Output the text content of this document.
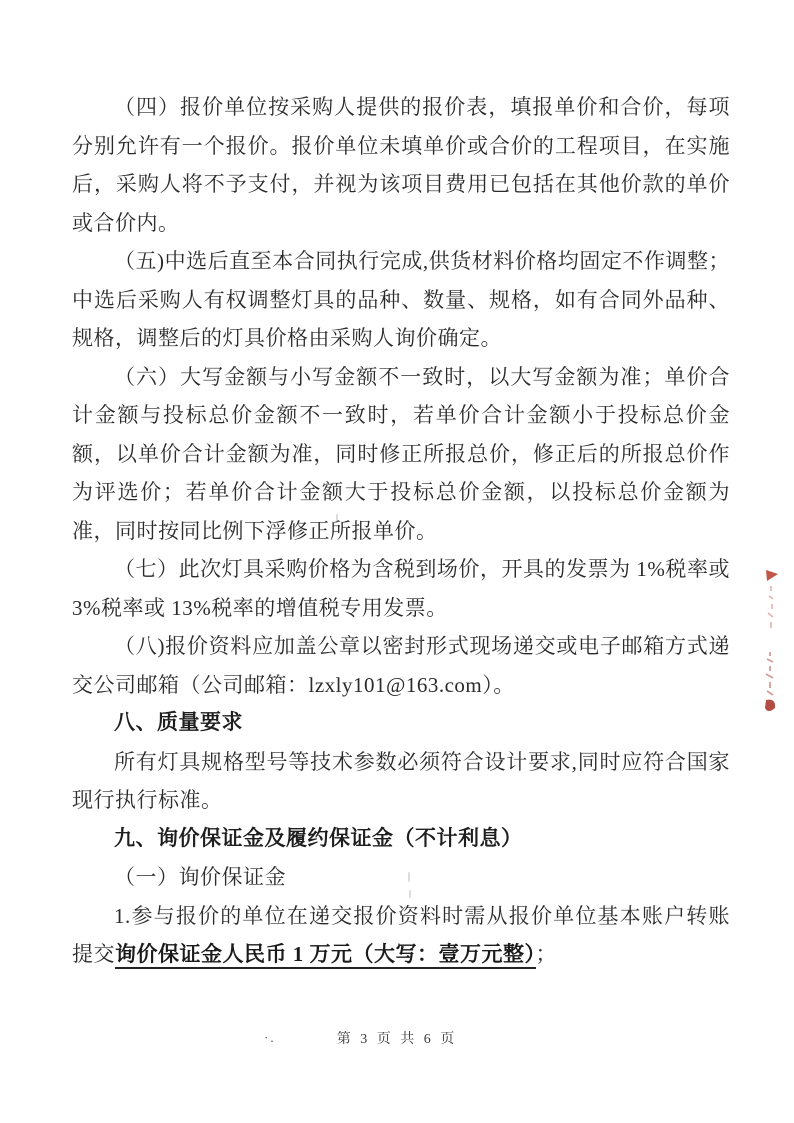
（四）报价单位按采购人提供的报价表，填报单价和合价，每项分别允许有一个报价。报价单位未填单价或合价的工程项目，在实施后，采购人将不予支付，并视为该项目费用已包括在其他价款的单价或合价内。

（五)中选后直至本合同执行完成,供货材料价格均固定不作调整；中选后采购人有权调整灯具的品种、数量、规格，如有合同外品种、规格，调整后的灯具价格由采购人询价确定。

（六）大写金额与小写金额不一致时，以大写金额为准；单价合计金额与投标总价金额不一致时，若单价合计金额小于投标总价金额，以单价合计金额为准，同时修正所报总价，修正后的所报总价作为评选价；若单价合计金额大于投标总价金额，以投标总价金额为准，同时按同比例下浮修正所报单价。

（七）此次灯具采购价格为含税到场价，开具的发票为 1%税率或 3%税率或 13%税率的增值税专用发票。

（八)报价资料应加盖公章以密封形式现场递交或电子邮箱方式递交公司邮箱（公司邮箱：lzxly101@163.com）。

八、质量要求

所有灯具规格型号等技术参数必须符合设计要求,同时应符合国家现行执行标准。

九、询价保证金及履约保证金（不计利息）

（一）询价保证金

1.参与报价的单位在递交报价资料时需从报价单位基本账户转账提交询价保证金人民币 1 万元（大写：壹万元整）；

·.	第 3 页 共 6 页
